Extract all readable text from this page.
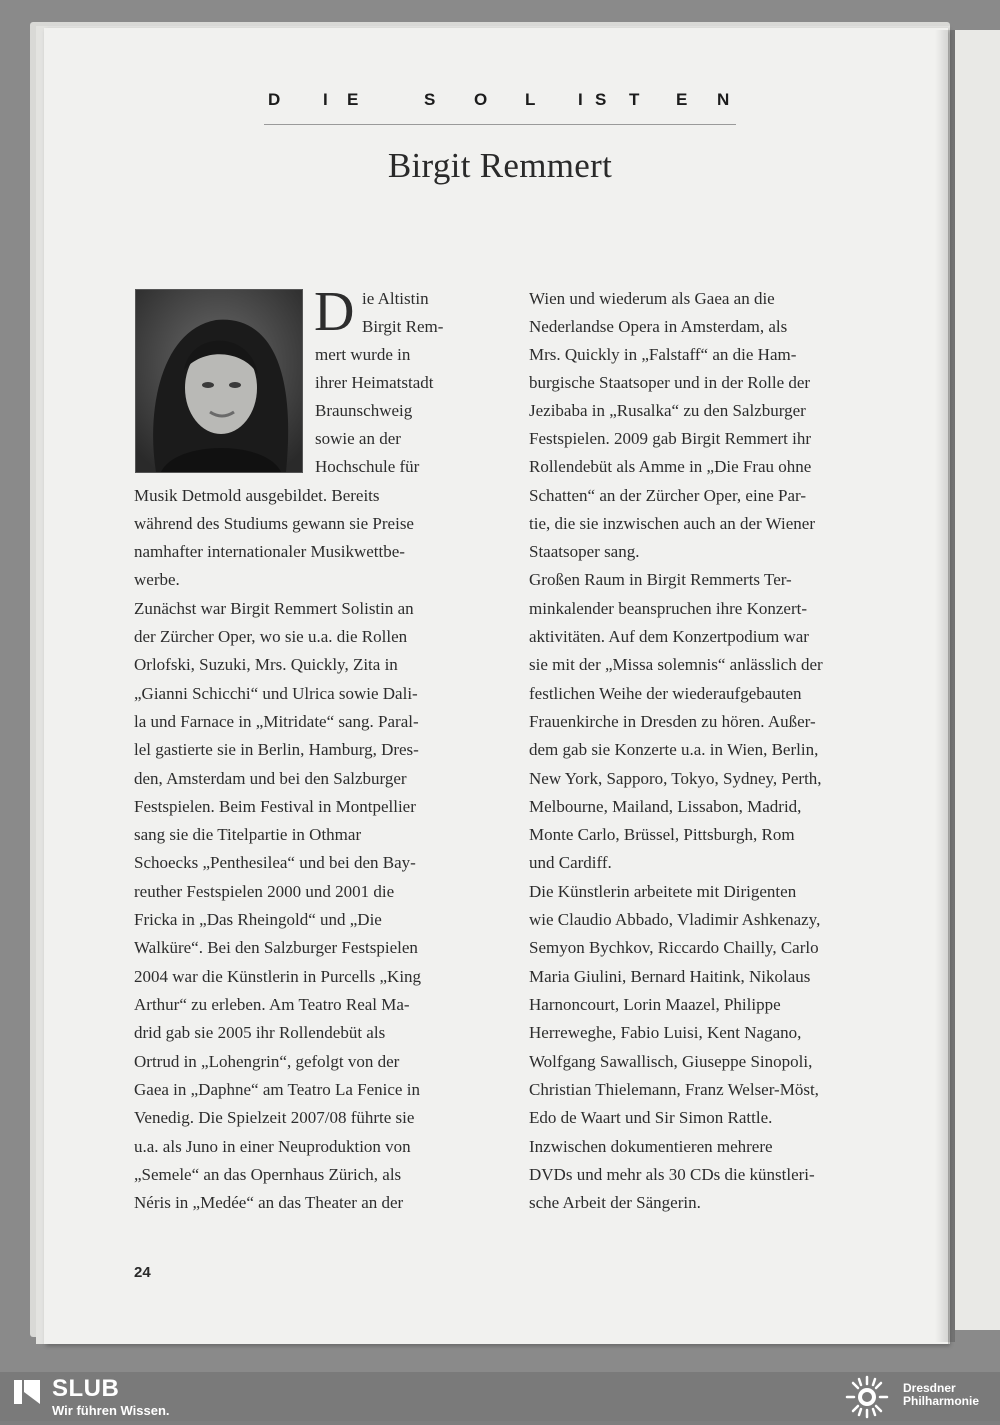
D	I E	S O L	I S T E N
Birgit Remmert
D ie Altistin
Birgit Rem-
mert wurde in
ihrer Heimatstadt
Braunschweig
sowie an der
Hochschule für
Musik Detmold ausgebildet. Bereits
während des Studiums gewann sie Preise
namhafter internationaler Musikwettbe-
werbe.
Zunächst war Birgit Remmert Solistin an
der Zürcher Oper, wo sie u.a. die Rollen
Orlofski, Suzuki, Mrs. Quickly, Zita in
„Gianni Schicchi“ und Ulrica sowie Dali-
la und Farnace in „Mitridate“ sang. Paral-
lel gastierte sie in Berlin, Hamburg, Dres-
den, Amsterdam und bei den Salzburger
Festspielen. Beim Festival in Montpellier
sang sie die Titelpartie in Othmar
Schoecks „Penthesilea“ und bei den Bay-
reuther Festspielen 2000 und 2001 die
Fricka in „Das Rheingold“ und „Die
Walküre“. Bei den Salzburger Festspielen
2004 war die Künstlerin in Purcells „King
Arthur“ zu erleben. Am Teatro Real Ma-
drid gab sie 2005 ihr Rollendebüt als
Ortrud in „Lohengrin“, gefolgt von der
Gaea in „Daphne“ am Teatro La Fenice in
Venedig. Die Spielzeit 2007/08 führte sie
u.a. als Juno in einer Neuproduktion von
„Semele“ an das Opernhaus Zürich, als
Néris in „Medée“ an das Theater an der
Wien und wiederum als Gaea an die
Nederlandse Opera in Amsterdam, als
Mrs. Quickly in „Falstaff“ an die Ham-
burgische Staatsoper und in der Rolle der
Jezibaba in „Rusalka“ zu den Salzburger
Festspielen. 2009 gab Birgit Remmert ihr
Rollendebüt als Amme in „Die Frau ohne
Schatten“ an der Zürcher Oper, eine Par-
tie, die sie inzwischen auch an der Wiener
Staatsoper sang.
Großen Raum in Birgit Remmerts Ter-
minkalender beanspruchen ihre Konzert-
aktivitäten. Auf dem Konzertpodium war
sie mit der „Missa solemnis“ anlässlich der
festlichen Weihe der wiederaufgebauten
Frauenkirche in Dresden zu hören. Außer-
dem gab sie Konzerte u.a. in Wien, Berlin,
New York, Sapporo, Tokyo, Sydney, Perth,
Melbourne, Mailand, Lissabon, Madrid,
Monte Carlo, Brüssel, Pittsburgh, Rom
und Cardiff.
Die Künstlerin arbeitete mit Dirigenten
wie Claudio Abbado, Vladimir Ashkenazy,
Semyon Bychkov, Riccardo Chailly, Carlo
Maria Giulini, Bernard Haitink, Nikolaus
Harnoncourt, Lorin Maazel, Philippe
Herreweghe, Fabio Luisi, Kent Nagano,
Wolfgang Sawallisch, Giuseppe Sinopoli,
Christian Thielemann, Franz Welser-Möst,
Edo de Waart und Sir Simon Rattle.
Inzwischen dokumentieren mehrere
DVDs und mehr als 30 CDs die künstleri-
sche Arbeit der Sängerin.
24
SLUB
Wir führen Wissen.
Dresdner
Philharmonie
